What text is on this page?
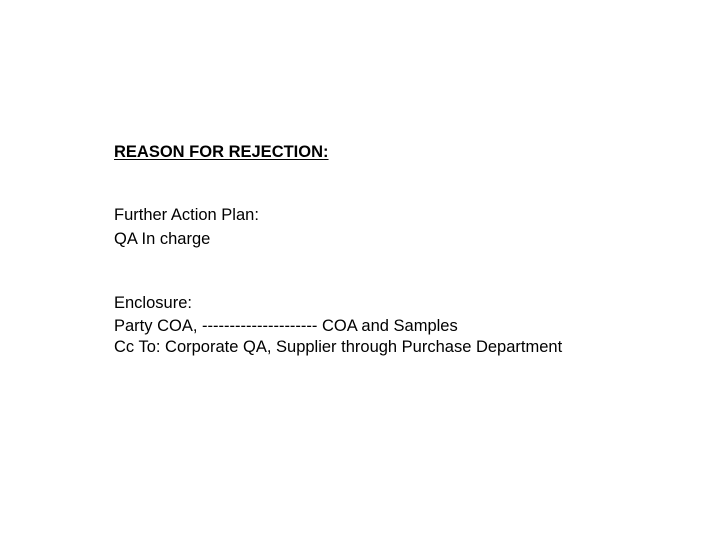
REASON FOR REJECTION:
Further Action Plan:
QA In charge
Enclosure:
Party COA, --------------------- COA and Samples
Cc To: Corporate QA, Supplier through Purchase Department
